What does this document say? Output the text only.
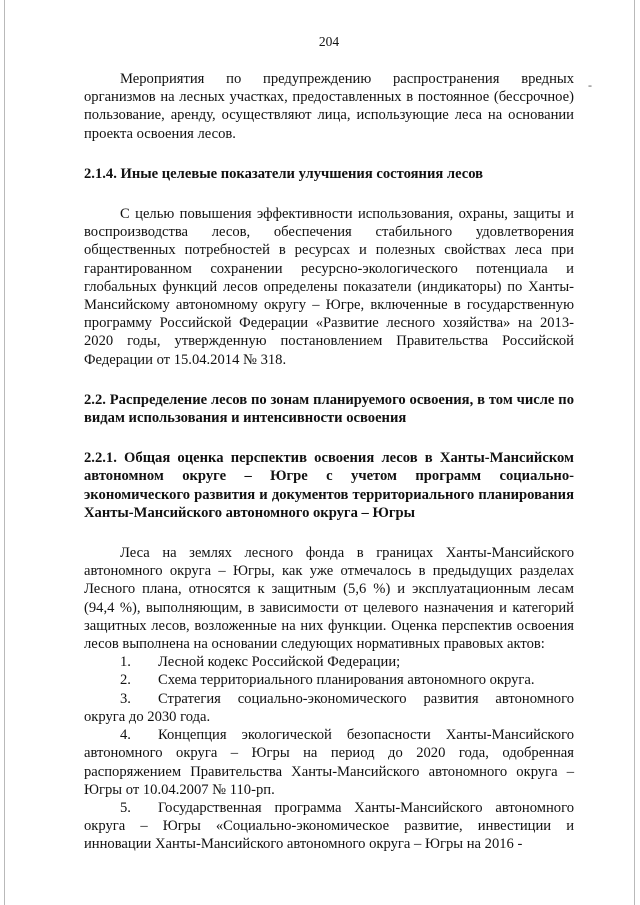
-
204

Мероприятия по предупреждению распространения вредных организмов на лесных участках, предоставленных в постоянное (бессрочное) пользование, аренду, осуществляют лица, использующие леса на основании проекта освоения лесов.

2.1.4. Иные целевые показатели улучшения состояния лесов

С целью повышения эффективности использования, охраны, защиты и воспроизводства лесов, обеспечения стабильного удовлетворения общественных потребностей в ресурсах и полезных свойствах леса при гарантированном сохранении ресурсно-экологического потенциала и глобальных функций лесов определены показатели (индикаторы) по Ханты-Мансийскому автономному округу – Югре, включенные в государственную программу Российской Федерации «Развитие лесного хозяйства» на 2013-2020 годы, утвержденную постановлением Правительства Российской Федерации от 15.04.2014 № 318.

2.2. Распределение лесов по зонам планируемого освоения, в том числе по видам использования и интенсивности освоения
2.2.1. Общая оценка перспектив освоения лесов в Ханты-Мансийском автономном округе – Югре с учетом программ социально-экономического развития и документов территориального планирования Ханты-Мансийского автономного округа – Югры

Леса на землях лесного фонда в границах Ханты-Мансийского автономного округа – Югры, как уже отмечалось в предыдущих разделах Лесного плана, относятся к защитным (5,6 %) и эксплуатационным лесам (94,4 %), выполняющим, в зависимости от целевого назначения и категорий защитных лесов, возложенные на них функции. Оценка перспектив освоения лесов выполнена на основании следующих нормативных правовых актов:

1. Лесной кодекс Российской Федерации;
2. Схема территориального планирования автономного округа.
3. Стратегия социально-экономического развития автономного округа до 2030 года.
4. Концепция экологической безопасности Ханты-Мансийского автономного округа – Югры на период до 2020 года, одобренная распоряжением Правительства Ханты-Мансийского автономного округа – Югры от 10.04.2007 № 110-рп.
5. Государственная программа Ханты-Мансийского автономного округа – Югры «Социально-экономическое развитие, инвестиции и инновации Ханты-Мансийского автономного округа – Югры на 2016 -
